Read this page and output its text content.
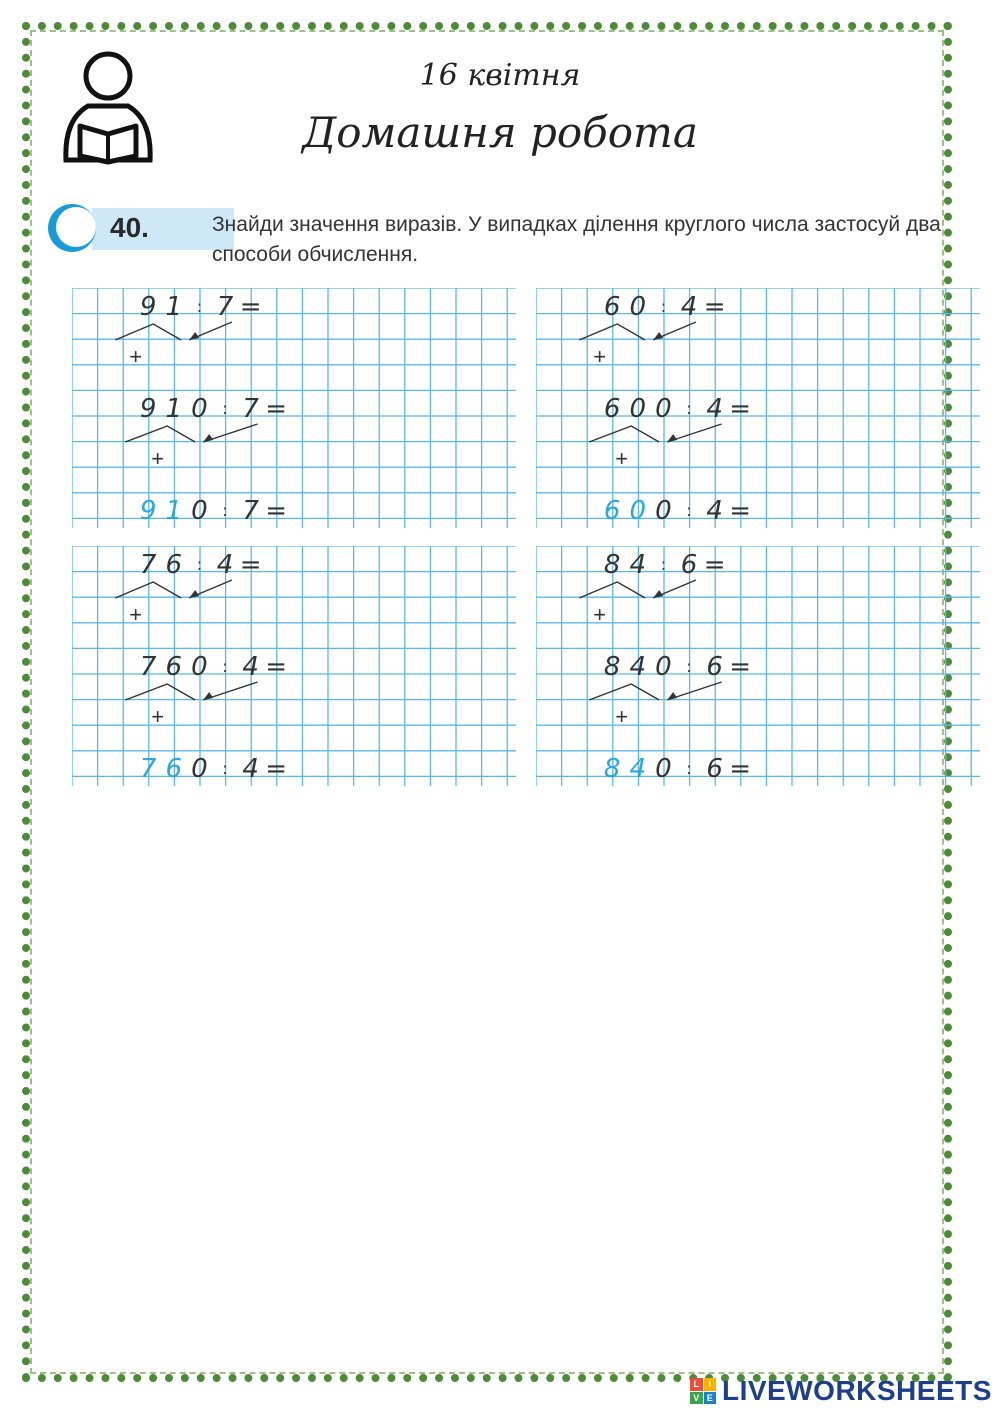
16 квітня
Домашня робота
40.	Знайди значення виразів. У випадках ділення круглого числа застосуй два способи обчислення.
9 1 : 7 =
+
9 1 0 : 7 =
+
9 1 0 : 7 =
6 0 : 4 =
+
6 0 0 : 4 =
+
6 0 0 : 4 =
7 6 : 4 =
+
7 6 0 : 4 =
+
7 6 0 : 4 =
8 4 : 6 =
+
8 4 0 : 6 =
+
8 4 0 : 6 =
L	I
V E LIVEWORKSHEETS
